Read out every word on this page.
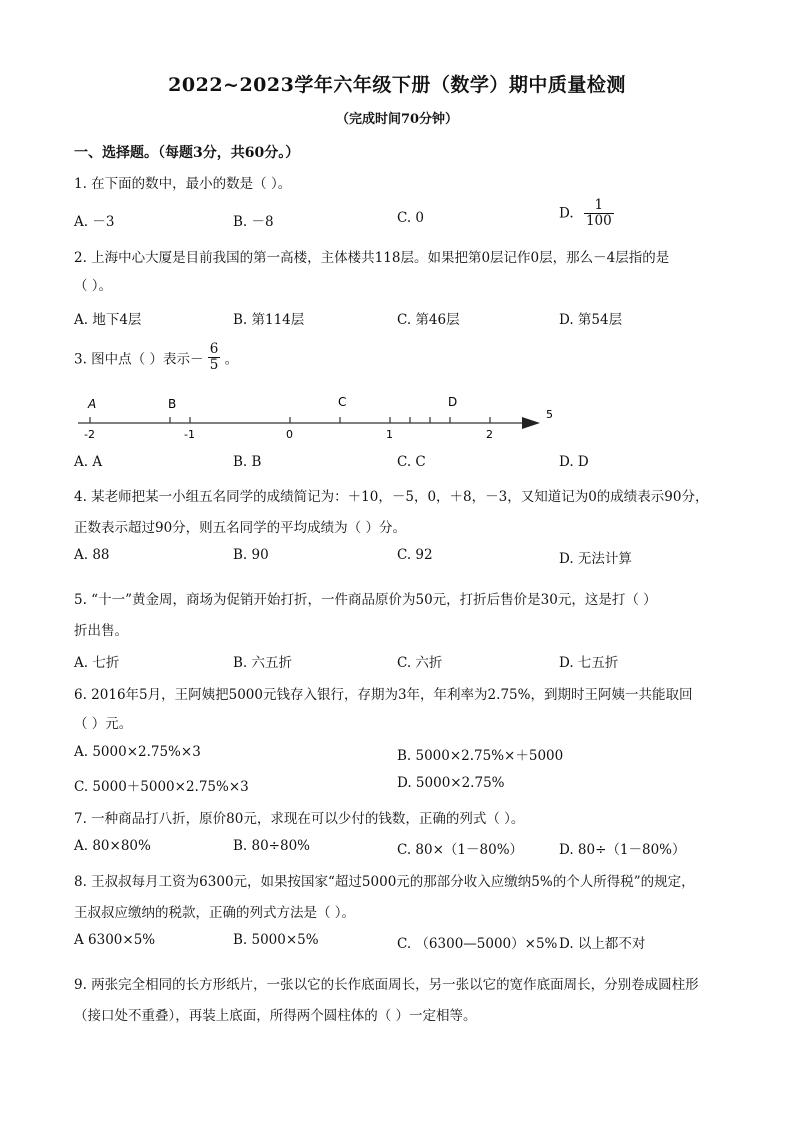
2022~2023学年六年级下册（数学）期中质量检测
（完成时间70分钟）
一、选择题。（每题3分，共60分。）
1. 在下面的数中，最小的数是（ ）。
A. －3	B. －8	C. 0	D. $\frac{1}{100}$
2. 上海中心大厦是目前我国的第一高楼，主体楼共118层。如果把第0层记作0层，那么－4层指的是
（ ）。
A. 地下4层	B. 第114层	C. 第46层	D. 第54层
3. 图中点（ ）表示－ $\frac{6}{5}$ 。
A	B	C	D
-2	-1	0	1	2
5
A. A	B. B	C. C	D. D
4. 某老师把某一小组五名同学的成绩简记为：＋10，－5，0，＋8，－3，又知道记为0的成绩表示90分，
正数表示超过90分，则五名同学的平均成绩为（ ）分。
A. 88	B. 90	C. 92	D. 无法计算
5. “十一”黄金周，商场为促销开始打折，一件商品原价为50元，打折后售价是30元，这是打（ ）
折出售。
A. 七折	B. 六五折	C. 六折	D. 七五折
6. 2016年5月，王阿姨把5000元钱存入银行，存期为3年，年利率为2.75%，到期时王阿姨一共能取回
（ ）元。
A. 5000×2.75%×3	B. 5000×2.75%×＋5000
C. 5000＋5000×2.75%×3	D. 5000×2.75%
7. 一种商品打八折，原价80元，求现在可以少付的钱数，正确的列式（ ）。
A. 80×80%	B. 80÷80%	C. 80×（1－80%）	D. 80÷（1－80%）
8. 王叔叔每月工资为6300元，如果按国家“超过5000元的那部分收入应缴纳5%的个人所得税”的规定，
王叔叔应缴纳的税款，正确的列式方法是（ ）。
A 6300×5%	B. 5000×5%	C. （6300—5000）×5% D. 以上都不对
9. 两张完全相同的长方形纸片，一张以它的长作底面周长，另一张以它的宽作底面周长，分别卷成圆柱形
（接口处不重叠），再装上底面，所得两个圆柱体的（ ）一定相等。
